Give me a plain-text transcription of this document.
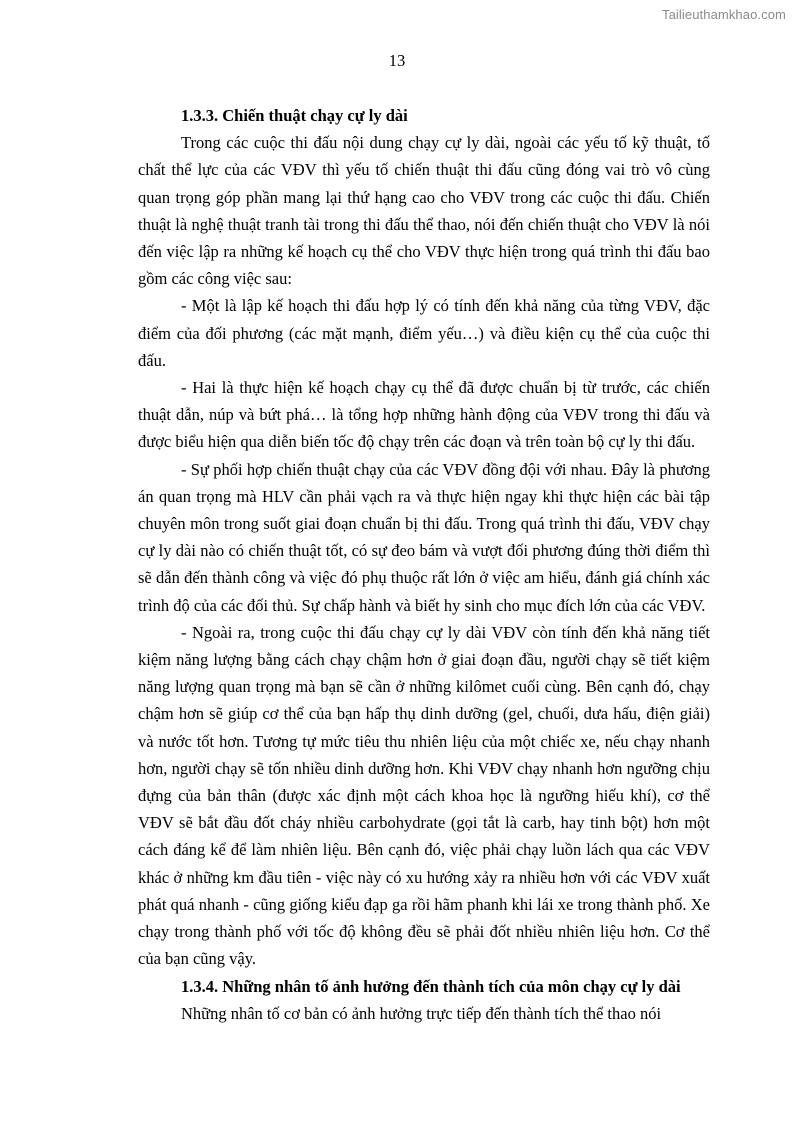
Tailieuthamkhao.com
13
1.3.3. Chiến thuật chạy cự ly dài

Trong các cuộc thi đấu nội dung chạy cự ly dài, ngoài các yếu tố kỹ thuật, tố chất thể lực của các VĐV thì yếu tố chiến thuật thi đấu cũng đóng vai trò vô cùng quan trọng góp phần mang lại thứ hạng cao cho VĐV trong các cuộc thi đấu. Chiến thuật là nghệ thuật tranh tài trong thi đấu thể thao, nói đến chiến thuật cho VĐV là nói đến việc lập ra những kế hoạch cụ thể cho VĐV thực hiện trong quá trình thi đấu bao gồm các công việc sau:

- Một là lập kế hoạch thi đấu hợp lý có tính đến khả năng của từng VĐV, đặc điểm của đối phương (các mặt mạnh, điểm yếu…) và điều kiện cụ thể của cuộc thi đấu.

- Hai là thực hiện kế hoạch chạy cụ thể đã được chuẩn bị từ trước, các chiến thuật dẫn, núp và bứt phá… là tổng hợp những hành động của VĐV trong thi đấu và được biểu hiện qua diễn biến tốc độ chạy trên các đoạn và trên toàn bộ cự ly thi đấu.

- Sự phối hợp chiến thuật chạy của các VĐV đồng đội với nhau. Đây là phương án quan trọng mà HLV cần phải vạch ra và thực hiện ngay khi thực hiện các bài tập chuyên môn trong suốt giai đoạn chuẩn bị thi đấu. Trong quá trình thi đấu, VĐV chạy cự ly dài nào có chiến thuật tốt, có sự đeo bám và vượt đối phương đúng thời điểm thì sẽ dẫn đến thành công và việc đó phụ thuộc rất lớn ở việc am hiểu, đánh giá chính xác trình độ của các đối thủ. Sự chấp hành và biết hy sinh cho mục đích lớn của các VĐV.

- Ngoài ra, trong cuộc thi đấu chạy cự ly dài VĐV còn tính đến khả năng tiết kiệm năng lượng bằng cách chạy chậm hơn ở giai đoạn đầu, người chạy sẽ tiết kiệm năng lượng quan trọng mà bạn sẽ cần ở những kilômet cuối cùng. Bên cạnh đó, chạy chậm hơn sẽ giúp cơ thể của bạn hấp thụ dinh dưỡng (gel, chuối, dưa hấu, điện giải) và nước tốt hơn. Tương tự mức tiêu thu nhiên liệu của một chiếc xe, nếu chạy nhanh hơn, người chạy sẽ tốn nhiều dinh dưỡng hơn. Khi VĐV chạy nhanh hơn ngưỡng chịu đựng của bản thân (được xác định một cách khoa học là ngưỡng hiếu khí), cơ thể VĐV sẽ bắt đầu đốt cháy nhiều carbohydrate (gọi tắt là carb, hay tinh bột) hơn một cách đáng kể để làm nhiên liệu. Bên cạnh đó, việc phải chạy luồn lách qua các VĐV khác ở những km đầu tiên - việc này có xu hướng xảy ra nhiều hơn với các VĐV xuất phát quá nhanh - cũng giống kiểu đạp ga rồi hãm phanh khi lái xe trong thành phố. Xe chạy trong thành phố với tốc độ không đều sẽ phải đốt nhiều nhiên liệu hơn. Cơ thể của bạn cũng vậy.

1.3.4. Những nhân tố ảnh hưởng đến thành tích của môn chạy cự ly dài

Những nhân tố cơ bản có ảnh hưởng trực tiếp đến thành tích thể thao nói
